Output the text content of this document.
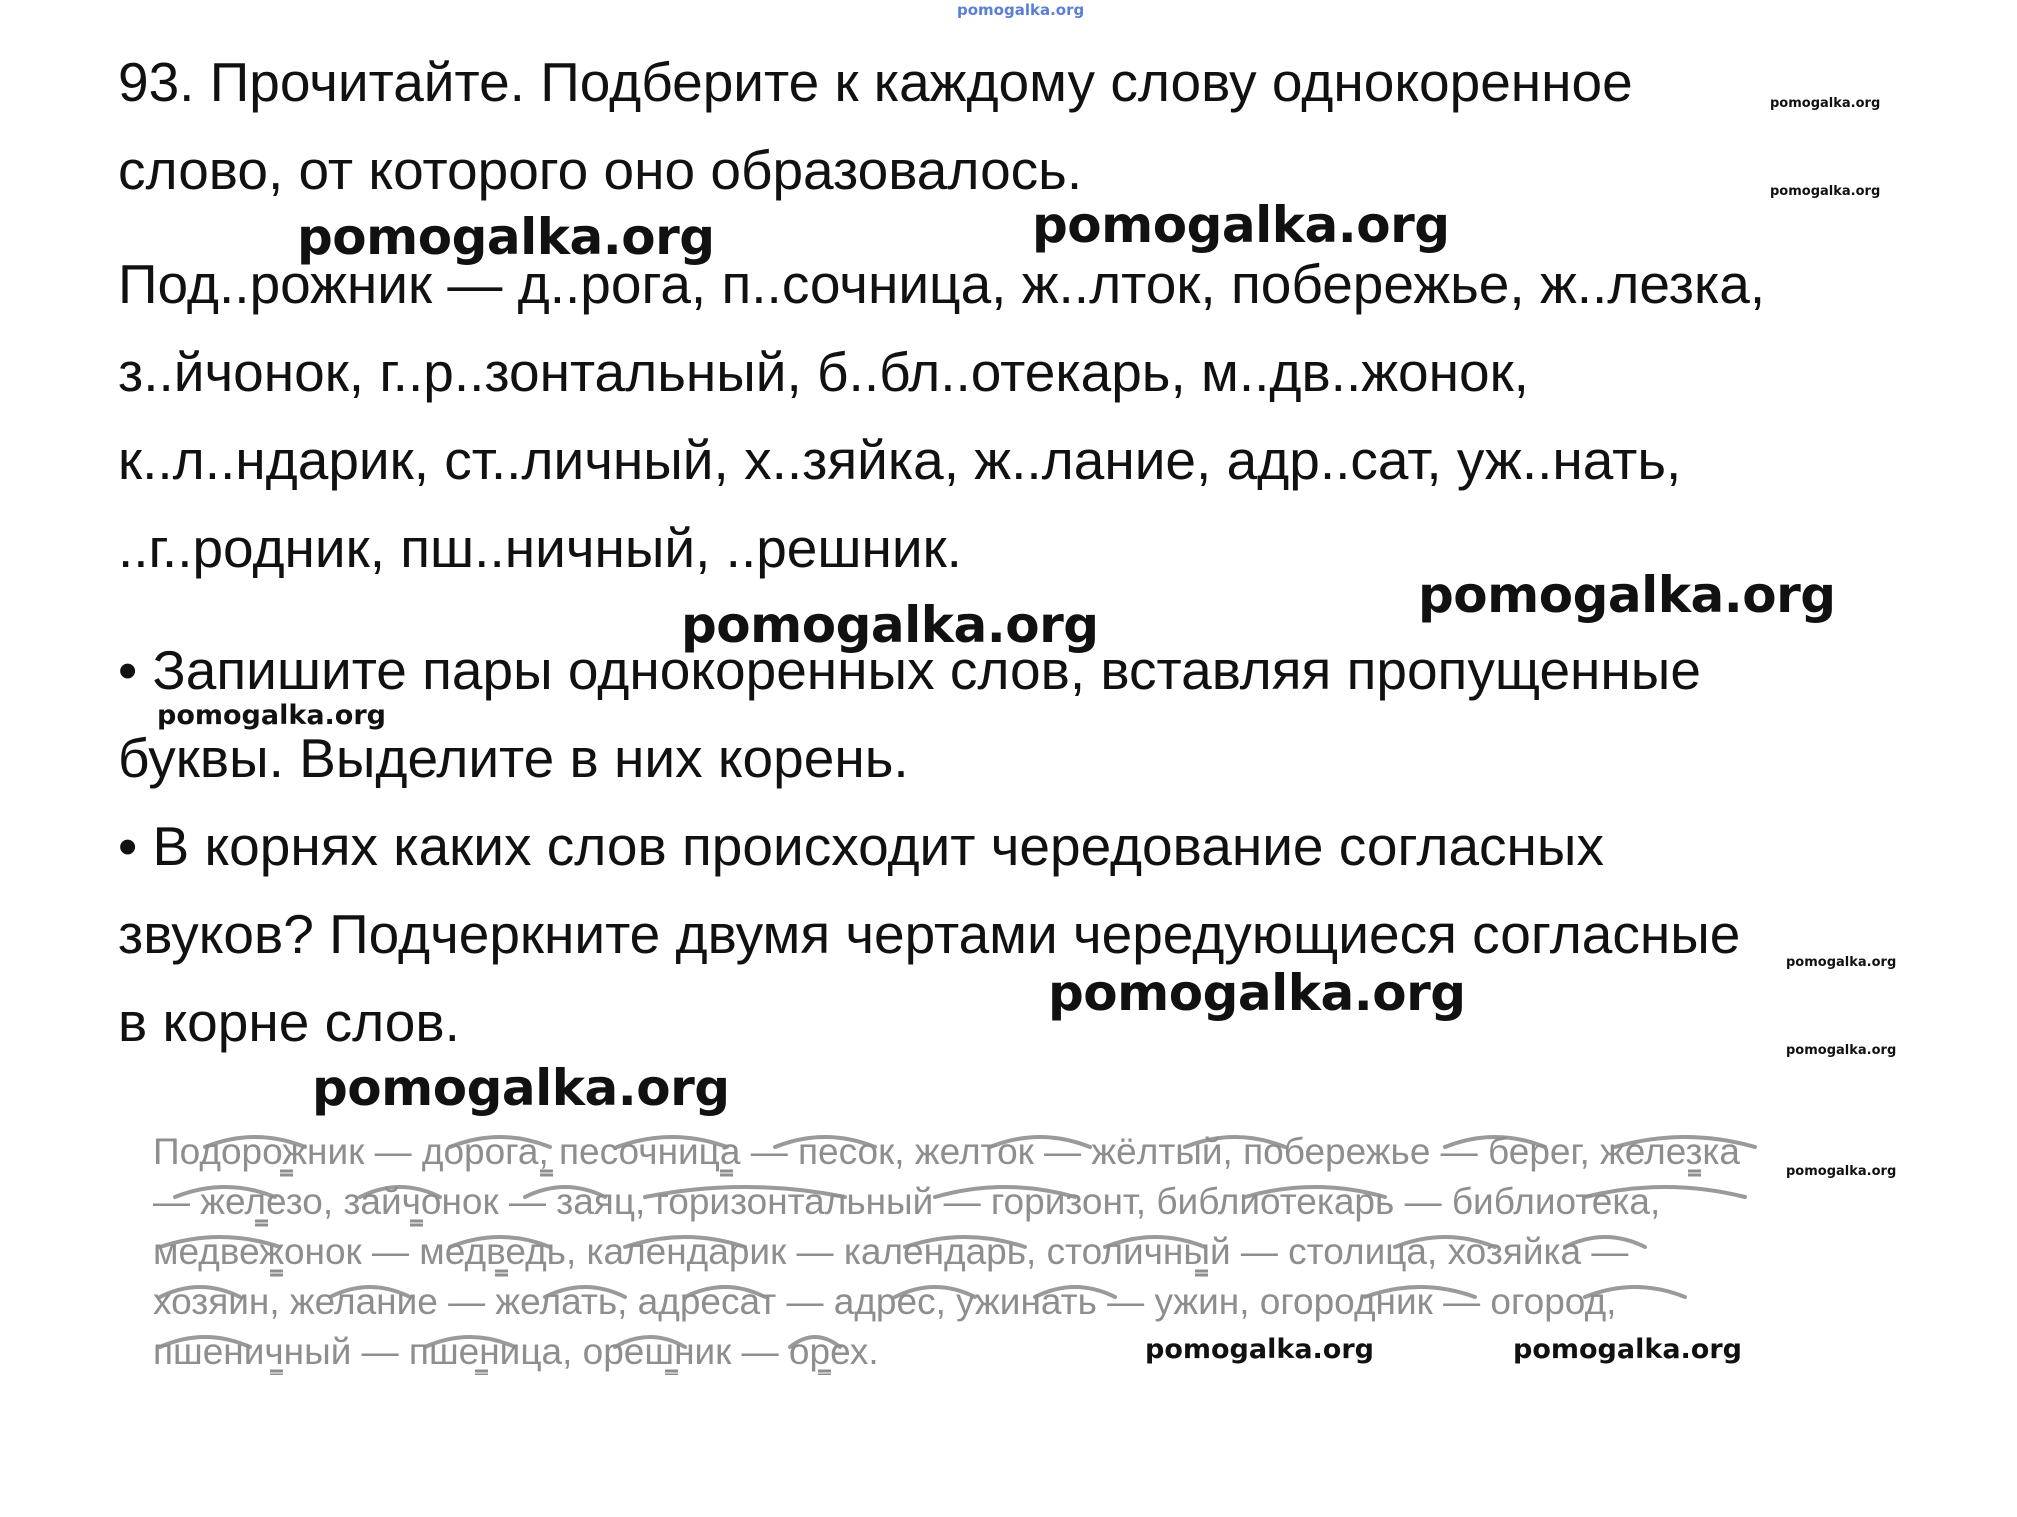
pomogalka.org
93. Прочитайте. Подберите к каждому слову однокоренное
слово, от которого оно образовалось.
Под..рожник — д..рога, п..сочница, ж..лток, побережье, ж..лезка,
з..йчонок, г..р..зонтальный, б..бл..отекарь, м..дв..жонок,
к..л..ндарик, ст..личный, х..зяйка, ж..лание, адр..сат, уж..нать,
..г..родник, пш..ничный, ..решник.
• Запишите пары однокоренных слов, вставляя пропущенные
буквы. Выделите в них корень.
• В корнях каких слов происходит чередование согласных
звуков? Подчеркните двумя чертами чередующиеся согласные
в корне слов.
Подорожник — дорога, песочница — песок, желток — жёлтый, побережье — берег, железка
— железо, зайчонок — заяц, горизонтальный — горизонт, библиотекарь — библиотека,
медвежонок — медведь, календарик — календарь, столичный — столица, хозяйка —
хозяин, желание — желать, адресат — адрес, ужинать — ужин, огородник — огород,
пшеничный — пшеница, орешник — орех.
pomogalka.org	pomogalka.org
pomogalka.org
pomogalka.org
pomogalka.org
pomogalka.org
pomogalka.org
pomogalka.org	pomogalka.org
pomogalka.org
pomogalka.org
pomogalka.org
pomogalka.org
pomogalka.org
